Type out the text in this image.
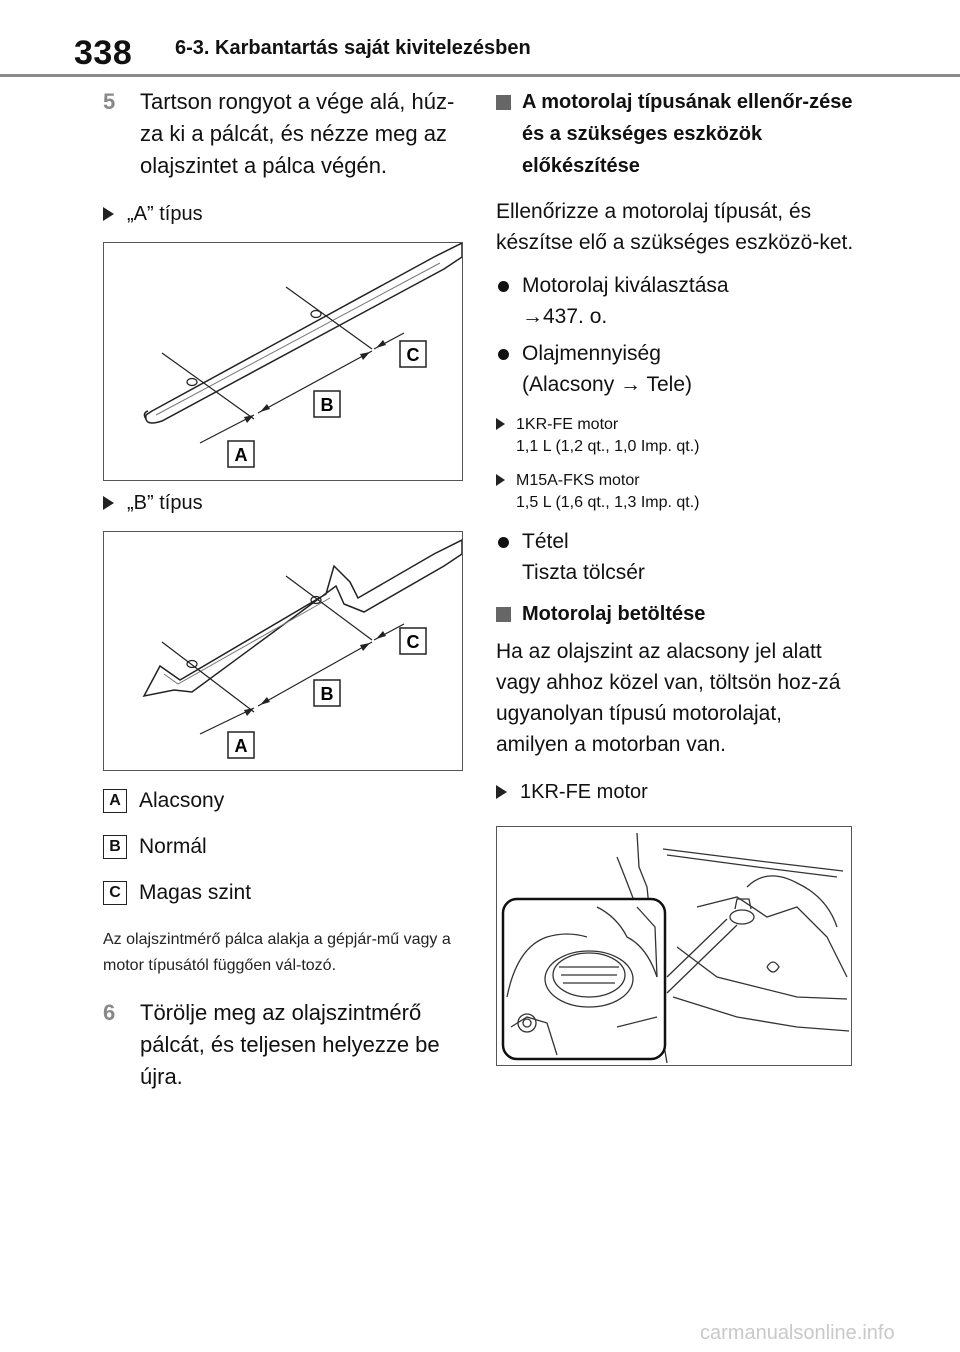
338 6-3. Karbantartás saját kivitelezésben
5 Tartson rongyot a vége alá, húz-za ki a pálcát, és nézze meg az olajszintet a pálca végén.
„A” típus
A
B
C
„B” típus
A
B
C
A Alacsony
B Normál
C Magas szint
Az olajszintmérő pálca alakja a gépjár-mű vagy a motor típusától függően vál-tozó.
6 Törölje meg az olajszintmérő pálcát, és teljesen helyezze be újra.
A motorolaj típusának ellenőr-zése és a szükséges eszközök előkészítése
Ellenőrizze a motorolaj típusát, és készítse elő a szükséges eszközö-ket.
Motorolaj kiválasztása
→437. o.
Olajmennyiség
(Alacsony → Tele)
1KR-FE motor
1,1 L (1,2 qt., 1,0 Imp. qt.)
M15A-FKS motor
1,5 L (1,6 qt., 1,3 Imp. qt.)
Tétel
Tiszta tölcsér
Motorolaj betöltése
Ha az olajszint az alacsony jel alatt vagy ahhoz közel van, töltsön hoz-zá ugyanolyan típusú motorolajat, amilyen a motorban van.
1KR-FE motor
carmanualsonline.info
